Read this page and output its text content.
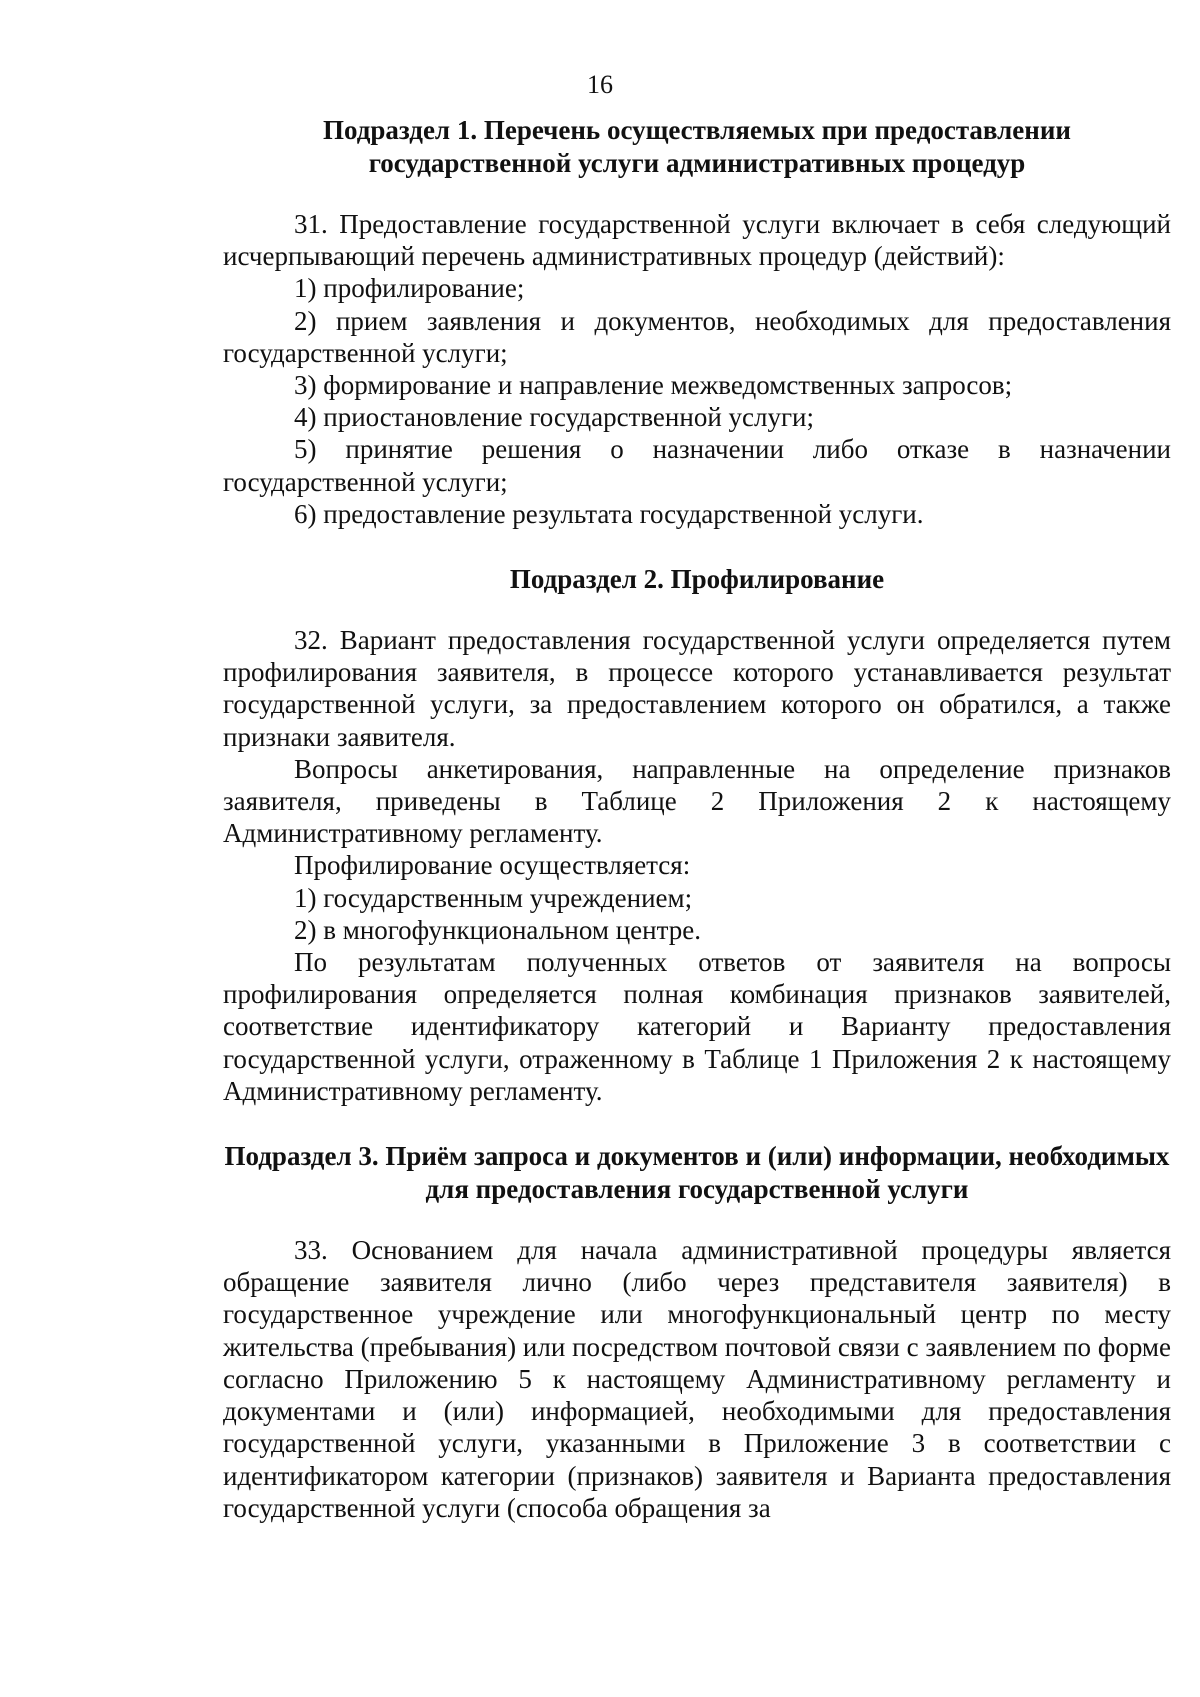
16
Подраздел 1. Перечень осуществляемых при предоставлении государственной услуги административных процедур

31. Предоставление государственной услуги включает в себя следующий исчерпывающий перечень административных процедур (действий):

1) профилирование;

2) прием заявления и документов, необходимых для предоставления государственной услуги;

3) формирование и направление межведомственных запросов;

4) приостановление государственной услуги;

5) принятие решения о назначении либо отказе в назначении государственной услуги;

6) предоставление результата государственной услуги.

Подраздел 2. Профилирование

32. Вариант предоставления государственной услуги определяется путем профилирования заявителя, в процессе которого устанавливается результат государственной услуги, за предоставлением которого он обратился, а также признаки заявителя.

Вопросы анкетирования, направленные на определение признаков заявителя, приведены в Таблице 2 Приложения 2 к настоящему Административному регламенту.

Профилирование осуществляется:

1) государственным учреждением;

2) в многофункциональном центре.

По результатам полученных ответов от заявителя на вопросы профилирования определяется полная комбинация признаков заявителей, соответствие идентификатору категорий и Варианту предоставления государственной услуги, отраженному в Таблице 1 Приложения 2 к настоящему Административному регламенту.

Подраздел 3. Приём запроса и документов и (или) информации, необходимых для предоставления государственной услуги

33. Основанием для начала административной процедуры является обращение заявителя лично (либо через представителя заявителя) в государственное учреждение или многофункциональный центр по месту жительства (пребывания) или посредством почтовой связи с заявлением по форме согласно Приложению 5 к настоящему Административному регламенту и документами и (или) информацией, необходимыми для предоставления государственной услуги, указанными в Приложение 3 в соответствии с идентификатором категории (признаков) заявителя и Варианта предоставления государственной услуги (способа обращения за
